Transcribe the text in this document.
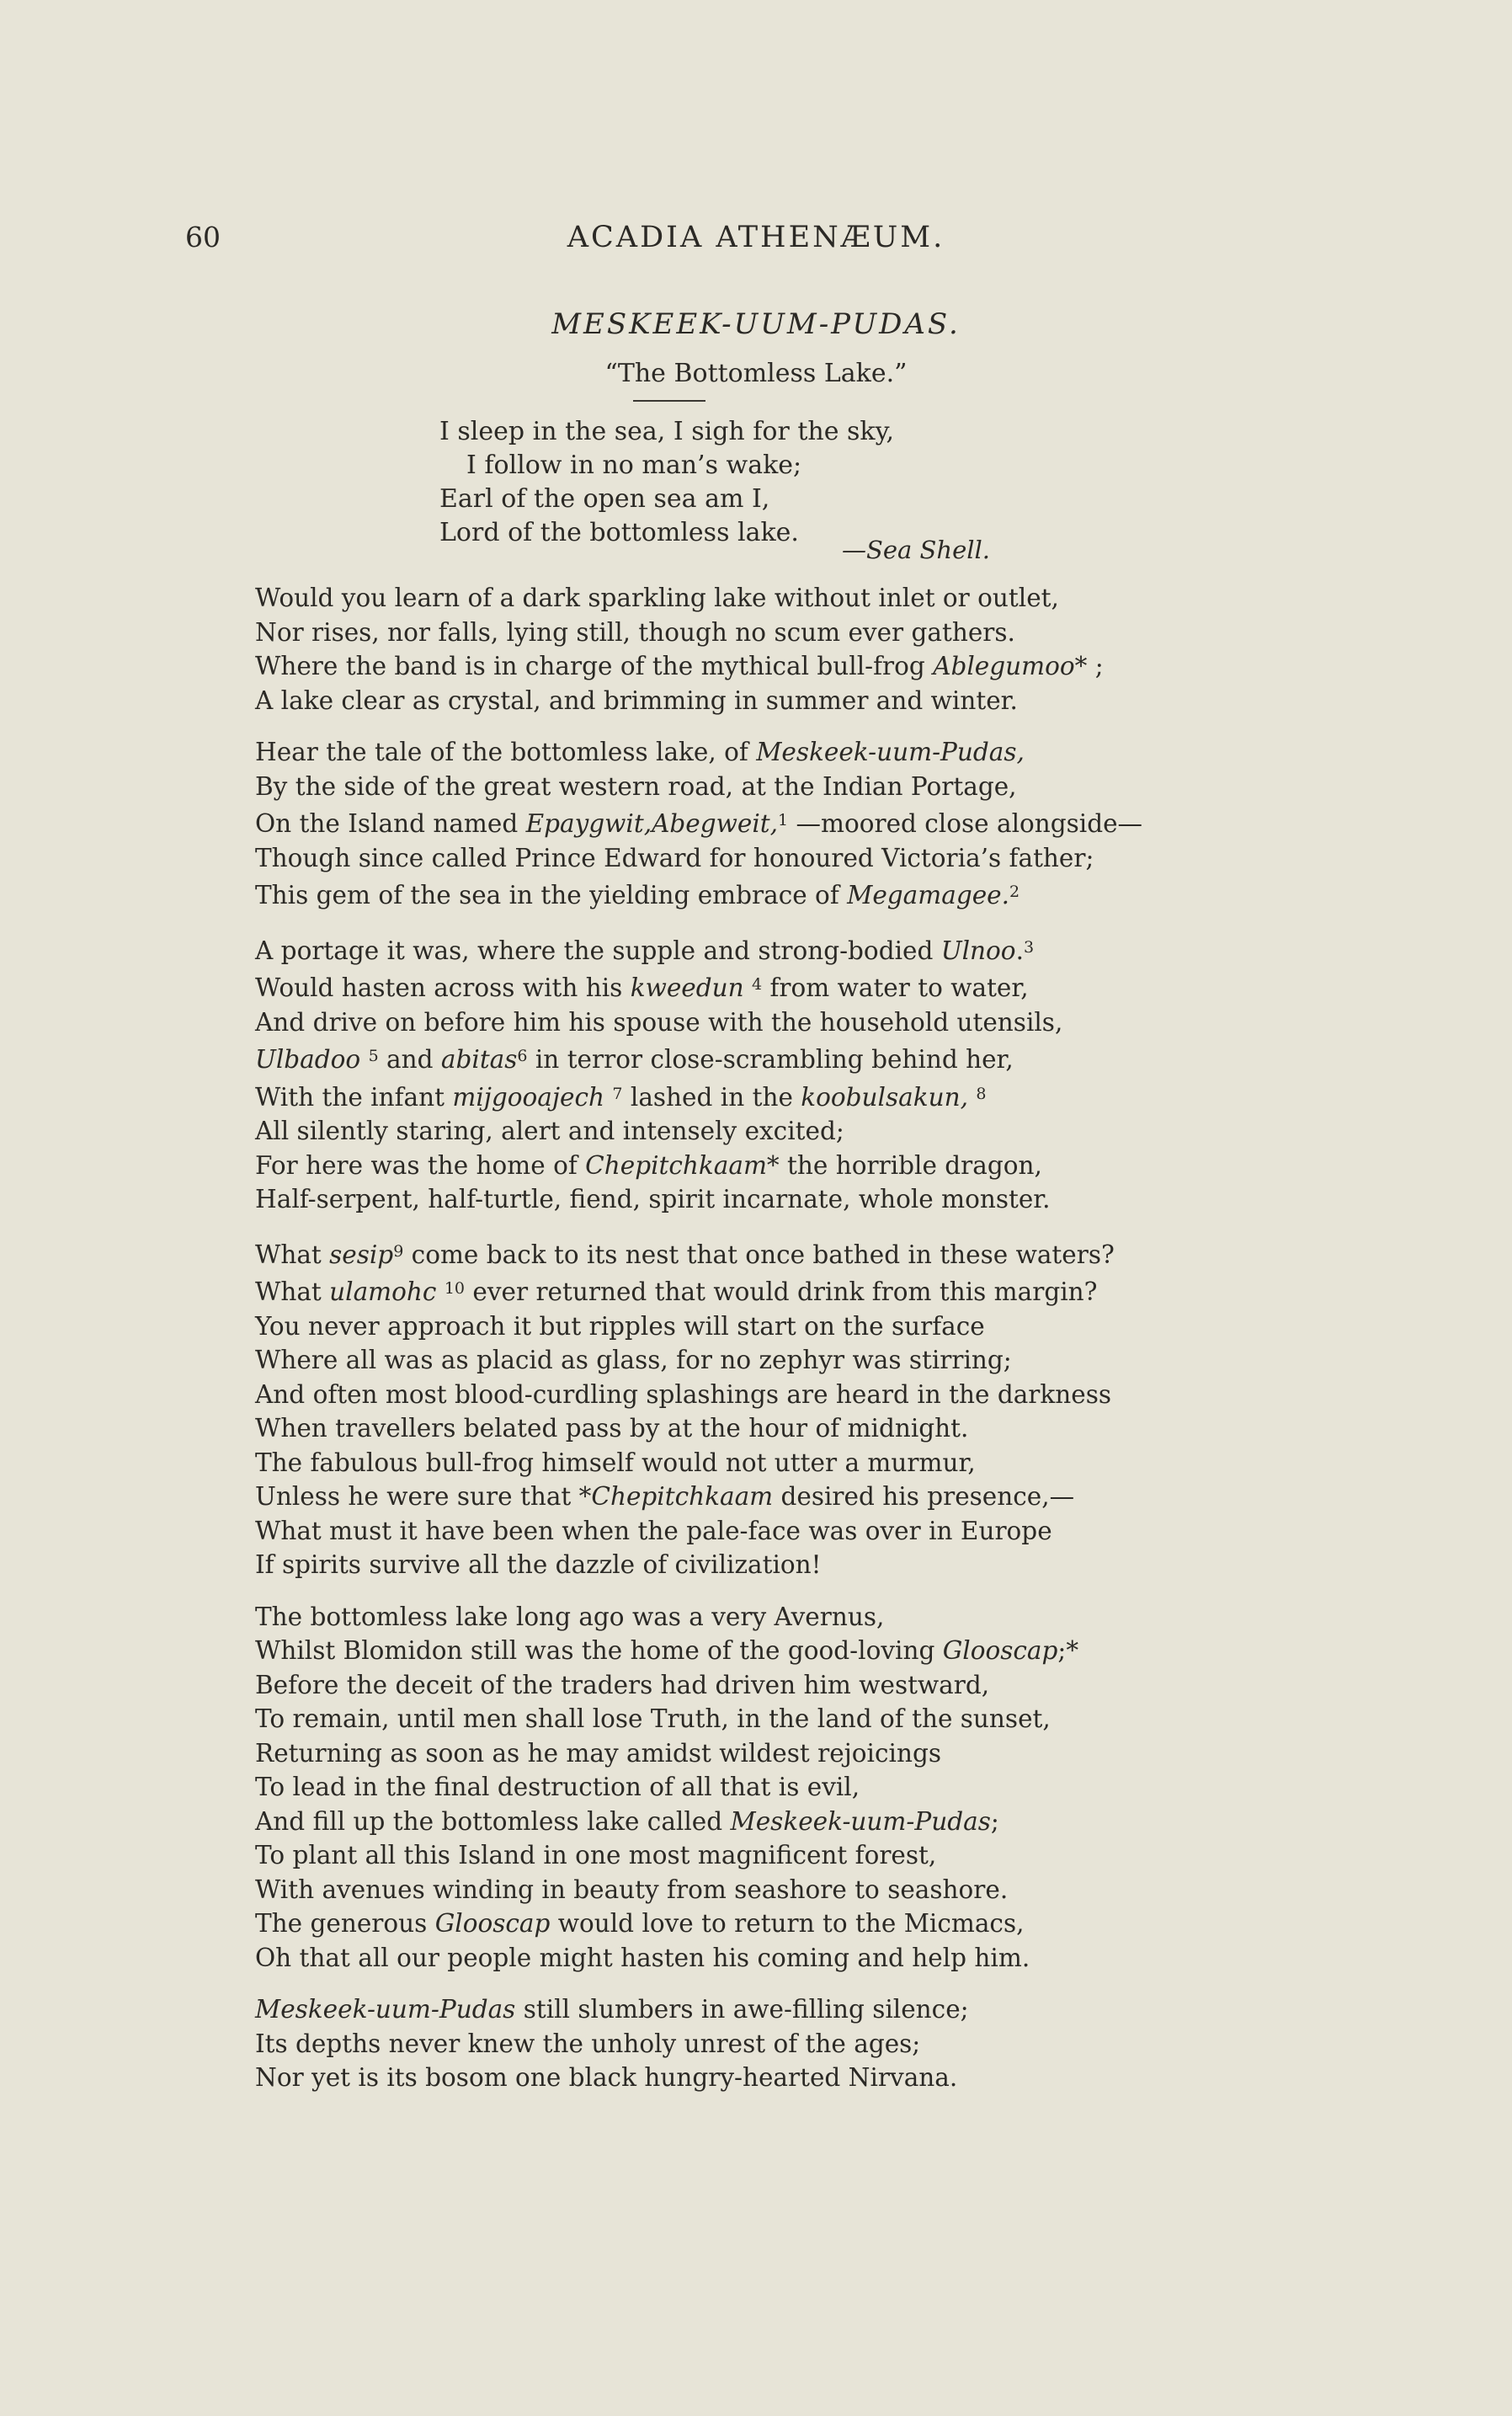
60	ACADIA ATHENÆUM.
MESKEEK-UUM-PUDAS.
“The Bottomless Lake.”
I sleep in the sea, I sigh for the sky,
I follow in no man’s wake;
Earl of the open sea am I,
Lord of the bottomless lake.
—Sea Shell.
Would you learn of a dark sparkling lake without inlet or outlet,
Nor rises, nor falls, lying still, though no scum ever gathers.
Where the band is in charge of the mythical bull-frog Ablegumoo* ;
A lake clear as crystal, and brimming in summer and winter.
Hear the tale of the bottomless lake, of Meskeek-uum-Pudas,
By the side of the great western road, at the Indian Portage,
On the Island named Epaygwit,Abegweit,$^1$ —moored close alongside—
Though since called Prince Edward for honoured Victoria’s father;
This gem of the sea in the yielding embrace of Megamagee.$^2$
A portage it was, where the supple and strong-bodied Ulnoo.$^3$
Would hasten across with his kweedun $^4$ from water to water,
And drive on before him his spouse with the household utensils,
Ulbadoo $^5$ and abitas$^6$ in terror close-scrambling behind her,
With the infant mijgooajech $^7$ lashed in the koobulsakun, $^8$
All silently staring, alert and intensely excited;
For here was the home of Chepitchkaam* the horrible dragon,
Half-serpent, half-turtle, fiend, spirit incarnate, whole monster.
What sesip$^9$ come back to its nest that once bathed in these waters?
What ulamohc $^{10}$ ever returned that would drink from this margin?
You never approach it but ripples will start on the surface
Where all was as placid as glass, for no zephyr was stirring;
And often most blood-curdling splashings are heard in the darkness
When travellers belated pass by at the hour of midnight.
The fabulous bull-frog himself would not utter a murmur,
Unless he were sure that *Chepitchkaam desired his presence,—
What must it have been when the pale-face was over in Europe
If spirits survive all the dazzle of civilization!
The bottomless lake long ago was a very Avernus,
Whilst Blomidon still was the home of the good-loving Glooscap;*
Before the deceit of the traders had driven him westward,
To remain, until men shall lose Truth, in the land of the sunset,
Returning as soon as he may amidst wildest rejoicings
To lead in the final destruction of all that is evil,
And fill up the bottomless lake called Meskeek-uum-Pudas;
To plant all this Island in one most magnificent forest,
With avenues winding in beauty from seashore to seashore.
The generous Glooscap would love to return to the Micmacs,
Oh that all our people might hasten his coming and help him.
Meskeek-uum-Pudas still slumbers in awe-filling silence;
Its depths never knew the unholy unrest of the ages;
Nor yet is its bosom one black hungry-hearted Nirvana.
